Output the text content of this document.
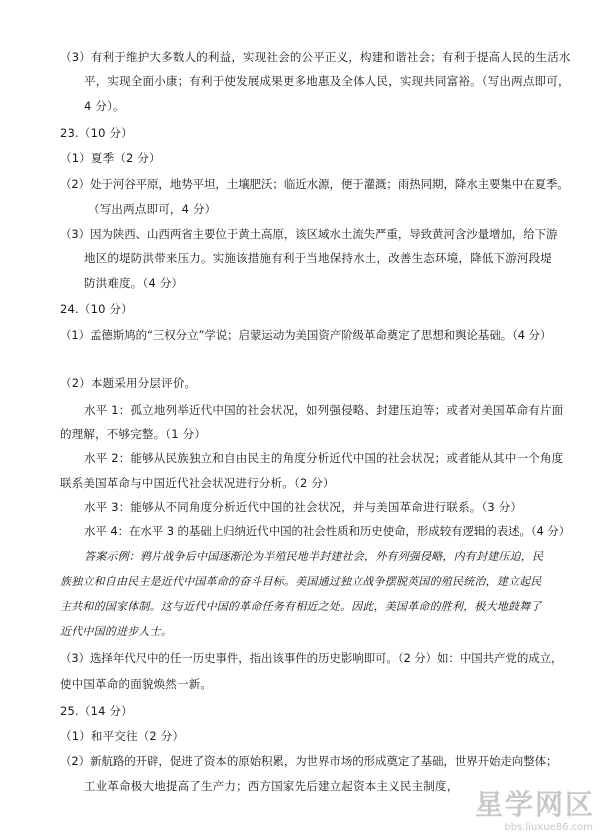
（3）有利于维护大多数人的利益，实现社会的公平正义，构建和谐社会；有利于提高人民的生活水
平，实现全面小康；有利于使发展成果更多地惠及全体人民，实现共同富裕。（写出两点即可，
4 分）。
23.（10 分）
（1）夏季（2 分）
（2）处于河谷平原，地势平坦，土壤肥沃；临近水源，便于灌溉；雨热同期，降水主要集中在夏季。
（写出两点即可，4 分）
（3）因为陕西、山西两省主要位于黄土高原，该区域水土流失严重，导致黄河含沙量增加，给下游
地区的堤防洪带来压力。实施该措施有利于当地保持水土，改善生态环境，降低下游河段堤
防洪难度。（4 分）
24.（10 分）
（1）孟德斯鸠的“三权分立”学说；启蒙运动为美国资产阶级革命奠定了思想和舆论基础。（4 分）
（2）本题采用分层评价。
水平 1：孤立地列举近代中国的社会状况，如列强侵略、封建压迫等；或者对美国革命有片面
的理解，不够完整。（1 分）
水平 2：能够从民族独立和自由民主的角度分析近代中国的社会状况；或者能从其中一个角度
联系美国革命与中国近代社会状况进行分析。（2 分）
水平 3：能够从不同角度分析近代中国的社会状况，并与美国革命进行联系。（3 分）
水平 4：在水平 3 的基础上归纳近代中国的社会性质和历史使命，形成较有逻辑的表述。（4 分）
答案示例：鸦片战争后中国逐渐沦为半殖民地半封建社会，外有列强侵略，内有封建压迫，民
族独立和自由民主是近代中国革命的奋斗目标。美国通过独立战争摆脱英国的殖民统治，建立起民
主共和的国家体制。这与近代中国的革命任务有相近之处。因此，美国革命的胜利，极大地鼓舞了
近代中国的进步人士。
（3）选择年代尺中的任一历史事件，指出该事件的历史影响即可。（2 分）如：中国共产党的成立，
使中国革命的面貌焕然一新。
25.（14 分）
（1）和平交往（2 分）
（2）新航路的开辟，促进了资本的原始积累，为世界市场的形成奠定了基础，世界开始走向整体；
工业革命极大地提高了生产力；西方国家先后建立起资本主义民主制度，
星学网区
bbs.liuxue86.com
